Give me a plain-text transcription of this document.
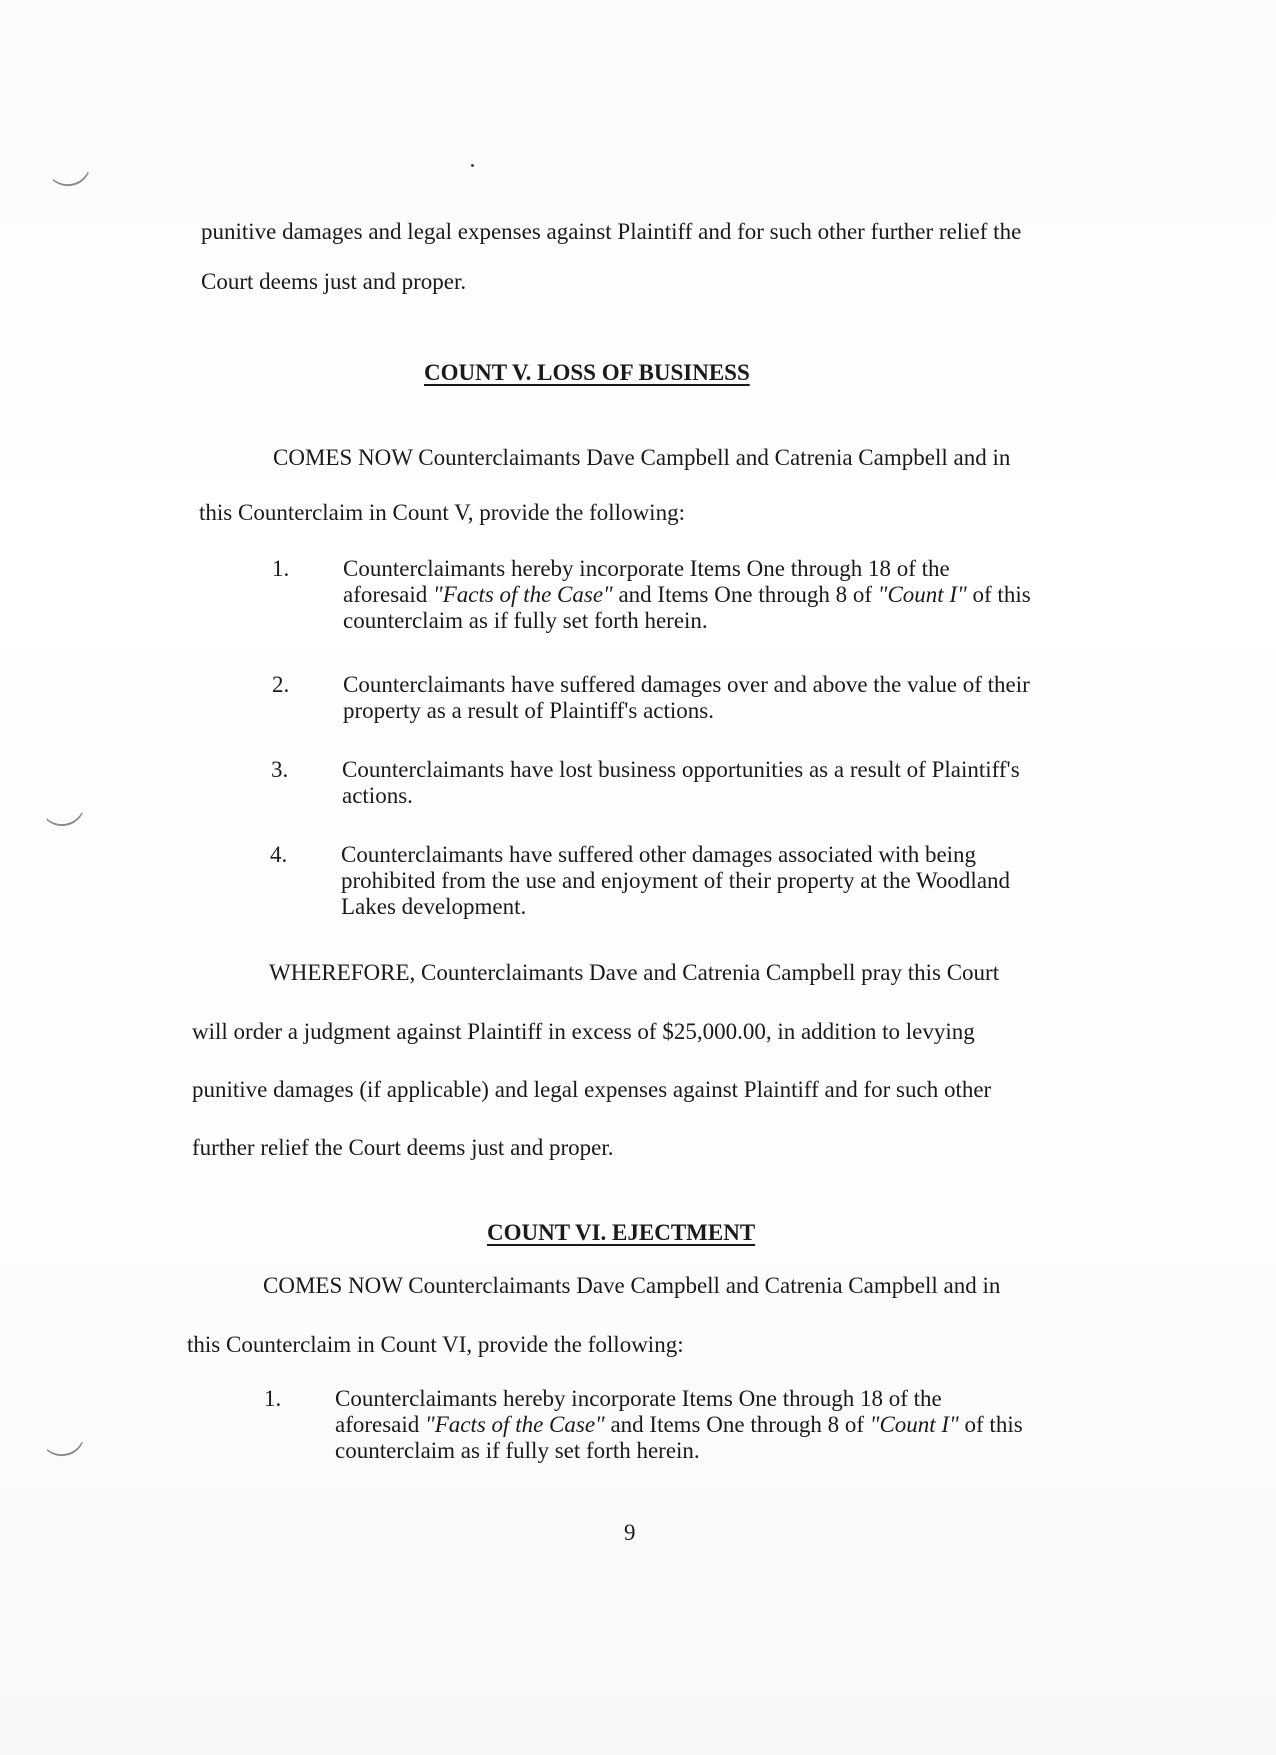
punitive damages and legal expenses against Plaintiff and for such other further relief the

Court deems just and proper.

COUNT V. LOSS OF BUSINESS

COMES NOW Counterclaimants Dave Campbell and Catrenia Campbell and in

this Counterclaim in Count V, provide the following:

1. Counterclaimants hereby incorporate Items One through 18 of the
aforesaid "Facts of the Case" and Items One through 8 of "Count I" of this
counterclaim as if fully set forth herein.
2. Counterclaimants have suffered damages over and above the value of their
property as a result of Plaintiff's actions.
3. Counterclaimants have lost business opportunities as a result of Plaintiff's
actions.
4. Counterclaimants have suffered other damages associated with being
prohibited from the use and enjoyment of their property at the Woodland
Lakes development.

WHEREFORE, Counterclaimants Dave and Catrenia Campbell pray this Court

will order a judgment against Plaintiff in excess of $25,000.00, in addition to levying

punitive damages (if applicable) and legal expenses against Plaintiff and for such other

further relief the Court deems just and proper.

COUNT VI. EJECTMENT

COMES NOW Counterclaimants Dave Campbell and Catrenia Campbell and in

this Counterclaim in Count VI, provide the following:

1. Counterclaimants hereby incorporate Items One through 18 of the
aforesaid "Facts of the Case" and Items One through 8 of "Count I" of this
counterclaim as if fully set forth herein.
9
